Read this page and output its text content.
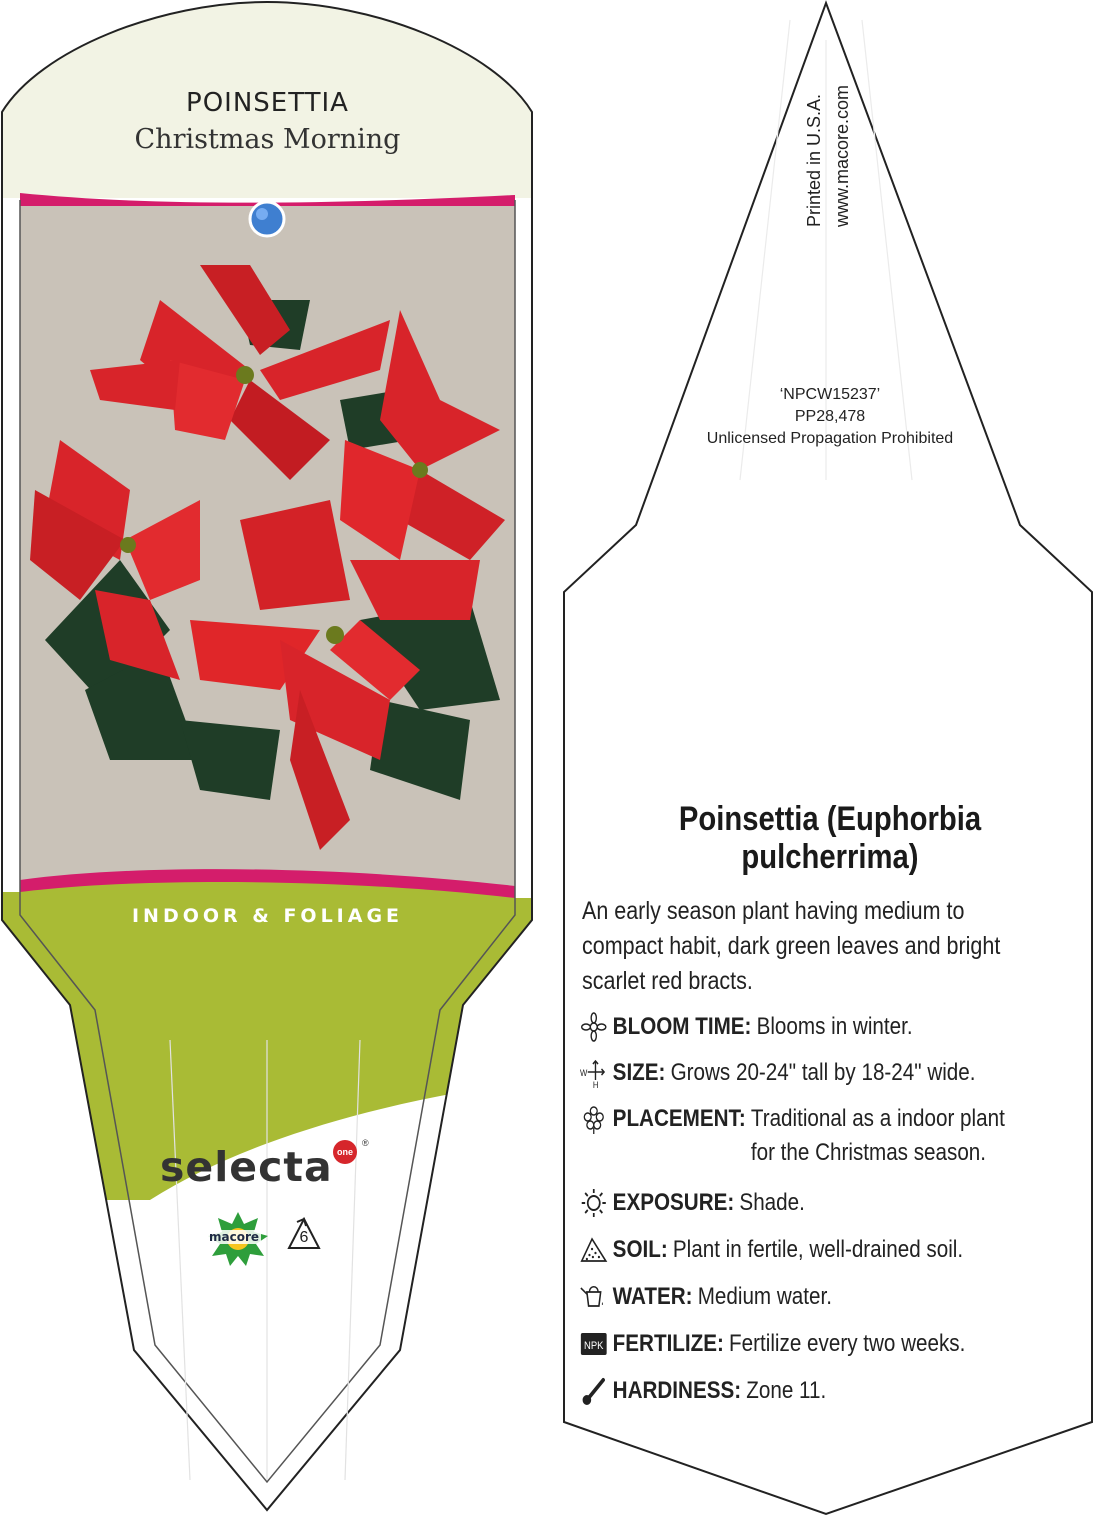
POINSETTIA
Christmas Morning
INDOOR & FOLIAGE
selecta one
®
macore	6
Printed in U.S.A. www.macore.com
‘NPCW15237’
PP28,478
Unlicensed Propagation Prohibited
Poinsettia (Euphorbia pulcherrima)
An early season plant having medium to compact habit, dark green leaves and bright scarlet red bracts.
BLOOM TIME: Blooms in winter.
W
H SIZE: Grows 20-24" tall by 18-24" wide.
PLACEMENT: Traditional as a indoor plant for the Christmas season.
EXPOSURE: Shade.
SOIL: Plant in fertile, well-drained soil.
WATER: Medium water.
NPK FERTILIZE: Fertilize every two weeks.
HARDINESS: Zone 11.
